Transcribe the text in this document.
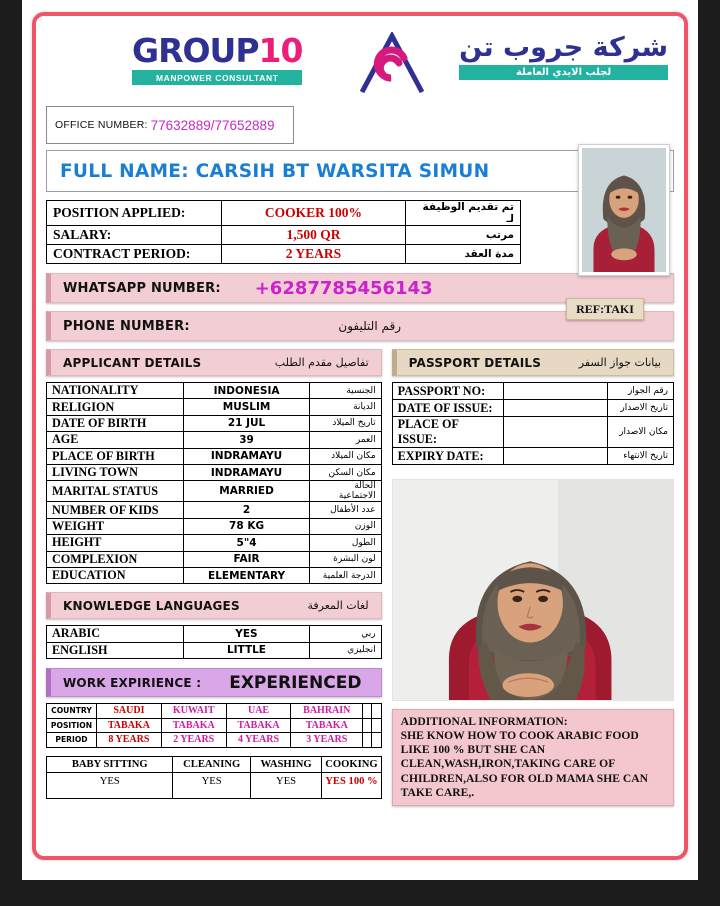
GROUP10
MANPOWER CONSULTANT
شركة جروب تن
لجلب الايدي العاملة
OFFICE NUMBER: 77632889/77652889
FULL NAME: CARSIH BT WARSITA SIMUN
POSITION APPLIED:	COOKER 100%	تم تقديم الوظيفة لـ
SALARY:	1,500 QR	مرتب
CONTRACT PERIOD:	2 YEARS	مدة العقد
WHATSAPP NUMBER: +6287785456143
PHONE NUMBER:	رقم التليفون
APPLICANT DETAILS	تفاصيل مقدم الطلب
NATIONALITY	INDONESIA	الجنسية
RELIGION	MUSLIM	الديانة
DATE OF BIRTH	21 JUL	تاريخ الميلاد
AGE	39	العمر
PLACE OF BIRTH	INDRAMAYU	مكان الميلاد
LIVING TOWN	INDRAMAYU	مكان السكن
MARITAL STATUS	MARRIED	الحالة الاجتماعية
NUMBER OF KIDS	2	عدد الأطفال
WEIGHT	78 KG	الوزن
HEIGHT	5"4	الطول
COMPLEXION	FAIR	لون البشرة
EDUCATION	ELEMENTARY	الدرجة العلمية
KNOWLEDGE LANGUAGES	لغات المعرفة
ARABIC	YES	ربي
ENGLISH	LITTLE	انجليزي
WORK EXPIRIENCE : EXPERIENCED
COUNTRY	SAUDI	KUWAIT	UAE	BAHRAIN		
POSITION	TABAKA	TABAKA	TABAKA	TABAKA		
PERIOD	8 YEARS	2 YEARS	4 YEARS	3 YEARS		
BABY SITTING	CLEANING	WASHING	COOKING
YES	YES	YES	YES 100 %
PASSPORT DETAILS	بيانات جواز السفر
PASSPORT NO:		رقم الجواز
DATE OF ISSUE:		تاريخ الاصدار
PLACE OF ISSUE:		مكان الاصدار
EXPIRY DATE:		تاريخ الانتهاء
ADDITIONAL INFORMATION:
SHE KNOW HOW TO COOK ARABIC FOOD
LIKE 100 % BUT SHE CAN
CLEAN,WASH,IRON,TAKING CARE OF
CHILDREN,ALSO FOR OLD MAMA SHE CAN
TAKE CARE,.
REF:TAKI
